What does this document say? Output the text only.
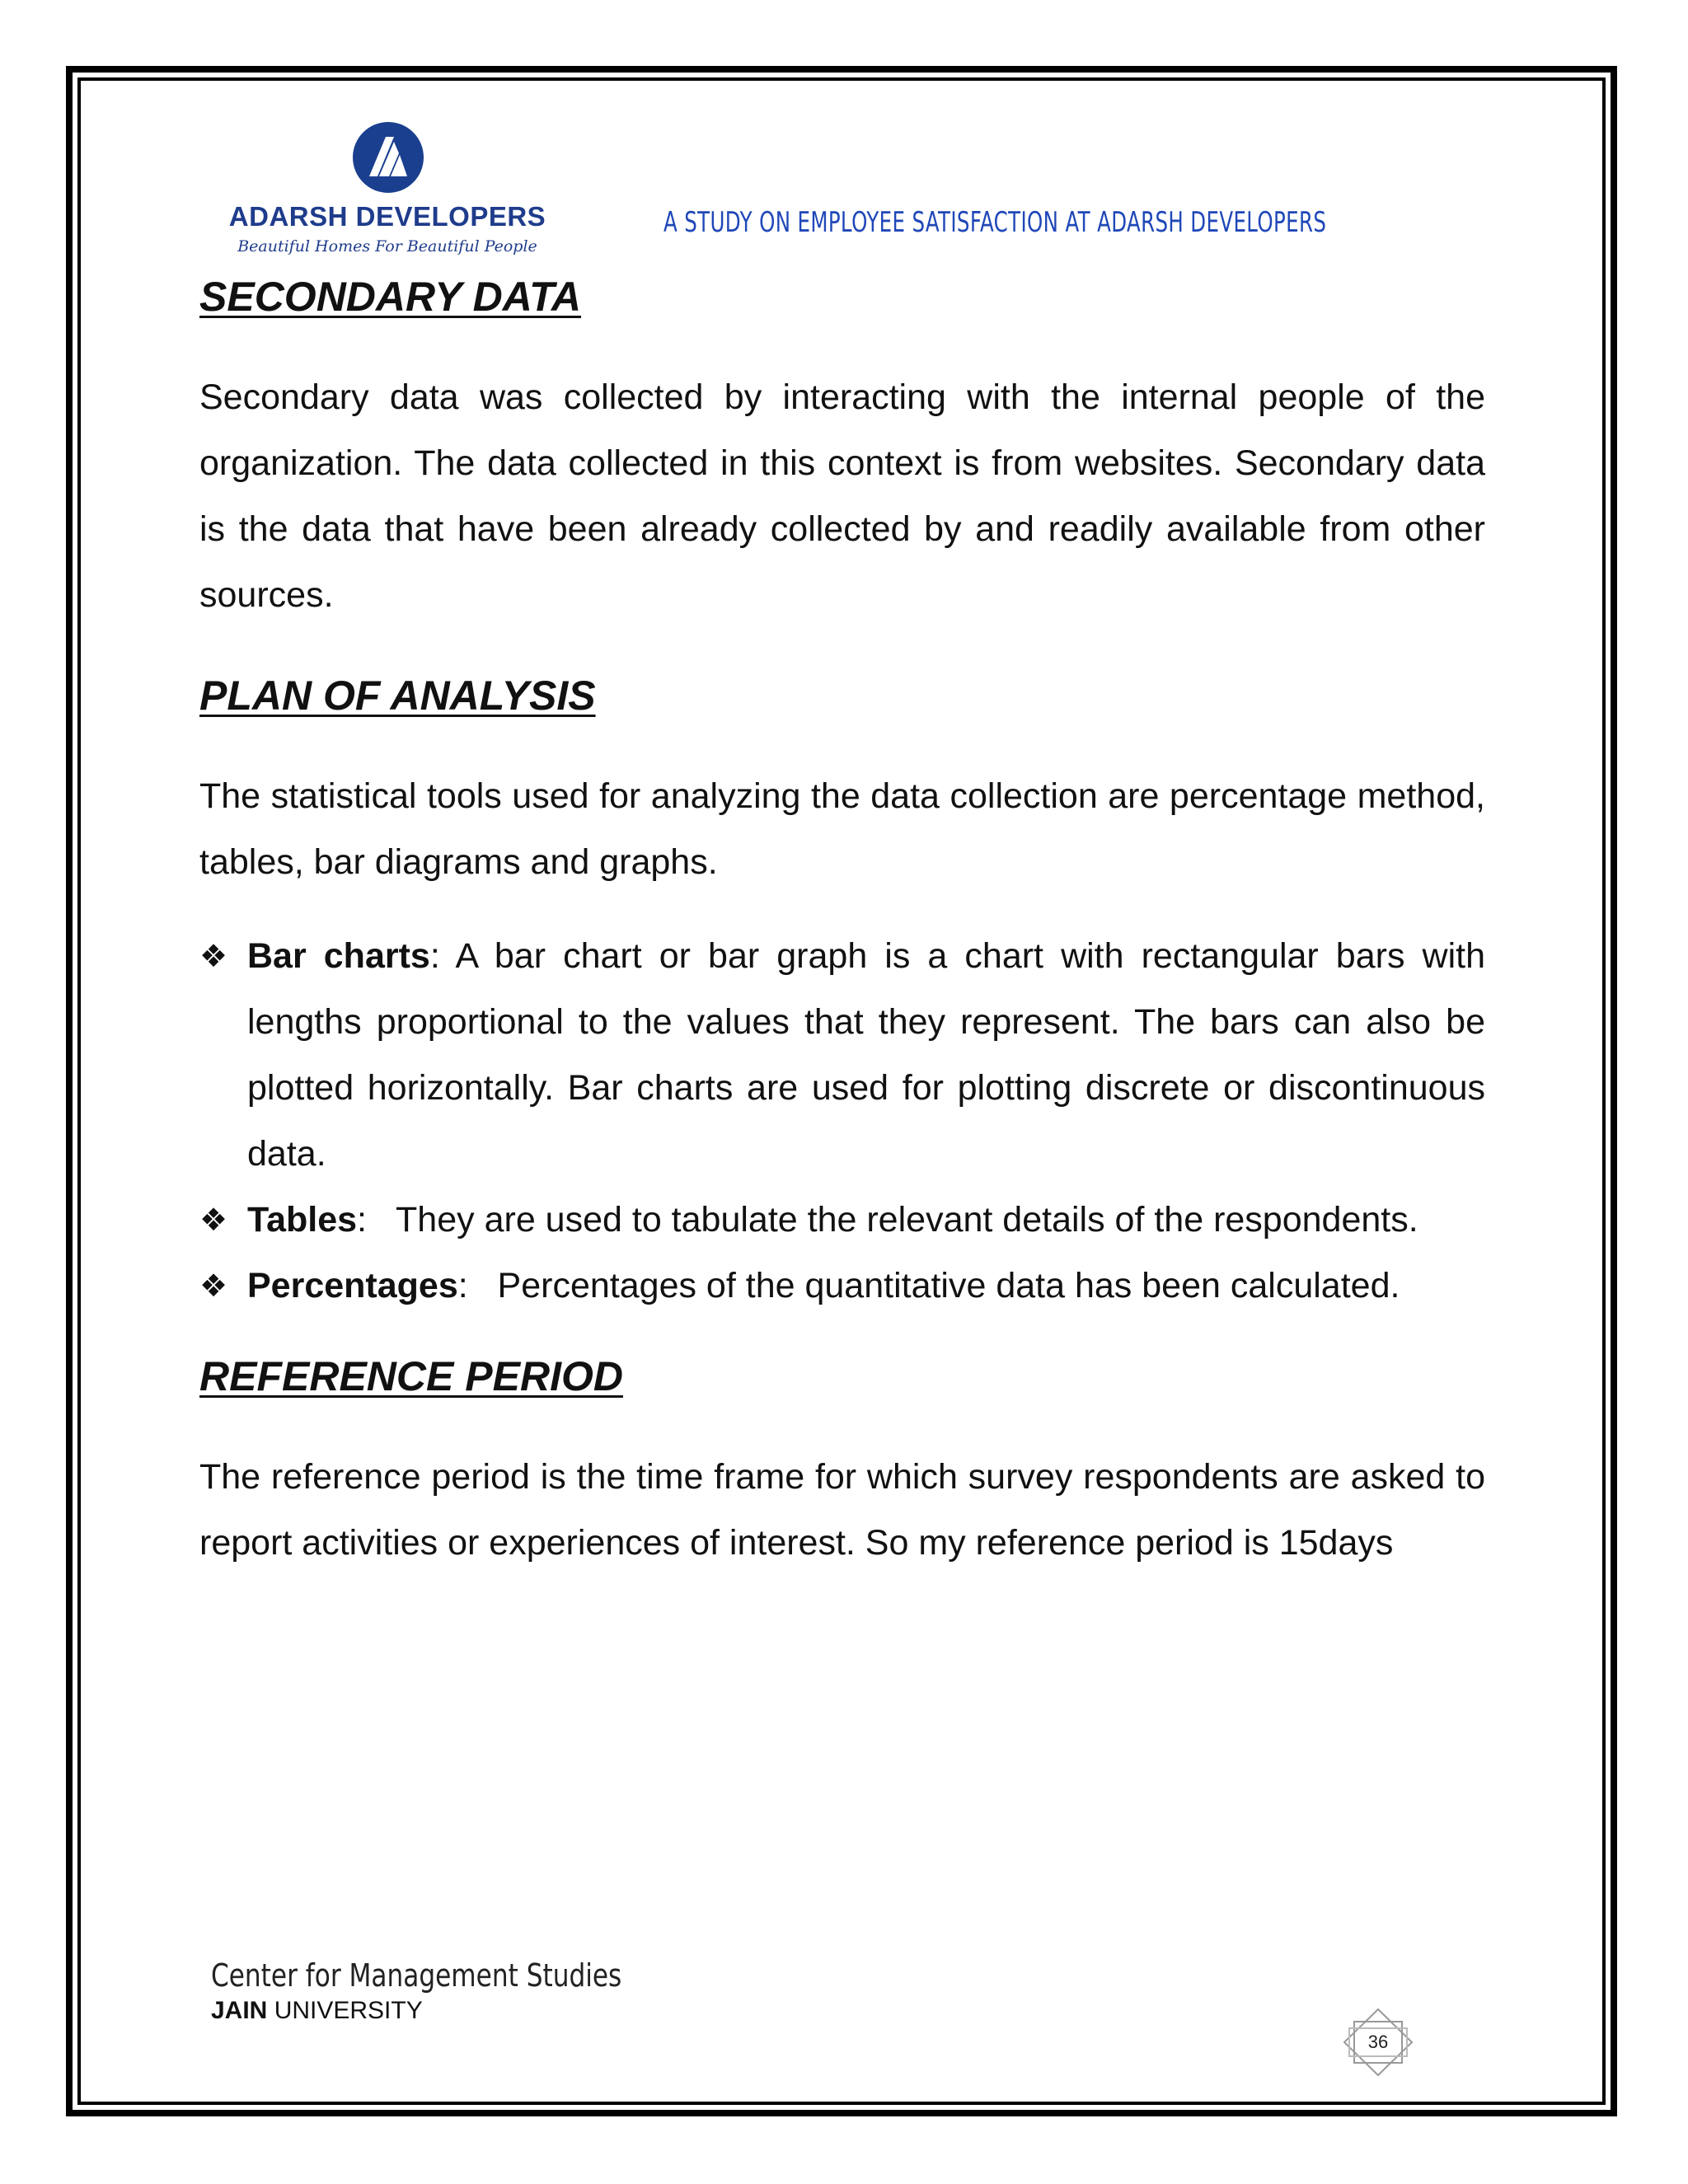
ADARSH DEVELOPERS
Beautiful Homes For Beautiful People
A STUDY ON EMPLOYEE SATISFACTION AT ADARSH DEVELOPERS
SECONDARY DATA

Secondary data was collected by interacting with the internal people of the organization. The data collected in this context is from websites. Secondary data is the data that have been already collected by and readily available from other sources.

PLAN OF ANALYSIS

The statistical tools used for analyzing the data collection are percentage method, tables, bar diagrams and graphs.

❖ Bar charts: A bar chart or bar graph is a chart with rectangular bars with lengths proportional to the values that they represent. The bars can also be plotted horizontally. Bar charts are used for plotting discrete or discontinuous data.
❖ Tables:   They are used to tabulate the relevant details of the respondents.
❖ Percentages:   Percentages of the quantitative data has been calculated.
REFERENCE PERIOD

The reference period is the time frame for which survey respondents are asked to report activities or experiences of interest. So my reference period is 15days

Center for Management Studies
JAIN UNIVERSITY
36
